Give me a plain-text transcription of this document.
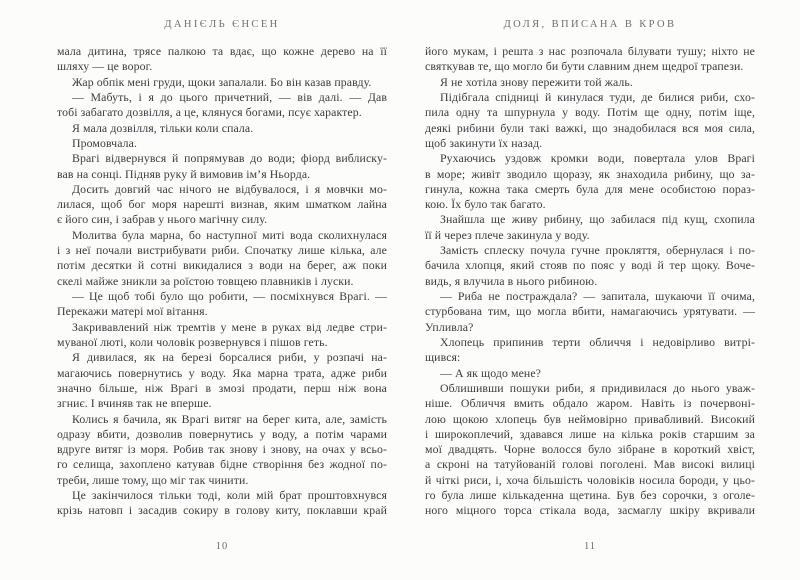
ДАНІЄЛЬ ЄНСЕН
мала дитина, трясе палкою та вдає, що кожне дерево на її
шляху — це ворог.
Жар обпік мені груди, щоки запалали. Бо він казав правду.
— Мабуть, і я до цього причетний, — вів далі. — Дав
тобі забагато дозвілля, а це, клянуся богами, псує характер.
Я мала дозвілля, тільки коли спала.
Промовчала.
Врагі відвернувся й попрямував до води; фіорд виблиску-
вав на сонці. Підняв руку й вимовив ім’я Ньорда.
Досить довгий час нічого не відбувалося, і я мовчки мо-
лилася, щоб бог моря нарешті визнав, яким шматком лайна
є його син, і забрав у нього магічну силу.
Молитва була марна, бо наступної миті вода сколихнулася
і з неї почали вистрибувати риби. Спочатку лише кілька, але
потім десятки й сотні викидалися з води на берег, аж поки
скелі майже зникли за роїстою товщею плавників і луски.
— Це щоб тобі було що робити, — посміхнувся Врагі. —
Перекажи матері мої вітання.
Закривавлений ніж тремтів у мене в руках від ледве стри-
муваної люті, коли чоловік розвернувся і пішов геть.
Я дивилася, як на березі борсалися риби, у розпачі на-
магаючись повернутись у воду. Яка марна трата, адже риби
значно більше, ніж Врагі в змозі продати, перш ніж вона
згниє. І вчиняв так не вперше.
Колись я бачила, як Врагі витяг на берег кита, але, замість
одразу вбити, дозволив повернутись у воду, а потім чарами
вдруге витяг із моря. Робив так знову і знову, на очах у всьо-
го селища, захоплено катував бідне створіння без жодної по-
треби, лише тому, що міг так чинити.
Це закінчилося тільки тоді, коли мій брат проштовхнувся
крізь натовп і засадив сокиру в голову киту, поклавши край
10
ДОЛЯ, ВПИСАНА В КРОВ
його мукам, і решта з нас розпочала білувати тушу; ніхто не
святкував те, що могло би бути славним днем щедрої трапези.
Я не хотіла знову пережити той жаль.
Підібгала спідниці й кинулася туди, де билися риби, схо-
пила одну та шпурнула у воду. Потім ще одну, потім іще,
деякі рибини були такі важкі, що знадобилася вся моя сила,
щоб закинути їх назад.
Рухаючись уздовж кромки води, повертала улов Врагі
в море; живіт зводило щоразу, як знаходила рибину, що за-
гинула, кожна така смерть була для мене особистою пораз-
кою. Їх було так багато.
Знайшла ще живу рибину, що забилася під кущ, схопила
її й через плече закинула у воду.
Замість сплеску почула гучне прокляття, обернулася і по-
бачила хлопця, який стояв по пояс у воді й тер щоку. Воче-
видь, я влучила в нього рибиною.
— Риба не постраждала? — запитала, шукаючи її очима,
стурбована тим, що могла вбити, намагаючись урятувати. —
Упливла?
Хлопець припинив терти обличчя і недовірливо витрі-
щився:
— А як щодо мене?
Облишивши пошуки риби, я придивилася до нього уваж-
ніше. Обличчя вмить обдало жаром. Навіть із почервоні-
лою щокою хлопець був неймовірно привабливий. Високий
і широкоплечий, здавався лише на кілька років старшим за
мої двадцять. Чорне волосся було зібране в короткий хвіст,
а скроні на татуйованій голові поголені. Мав високі вилиці
й чіткі риси, і, хоча більшість чоловіків носила бороди, у цьо-
го була лише кількаденна щетина. Був без сорочки, з оголе-
ного міцного торса стікала вода, засмаглу шкіру вкривали
11
